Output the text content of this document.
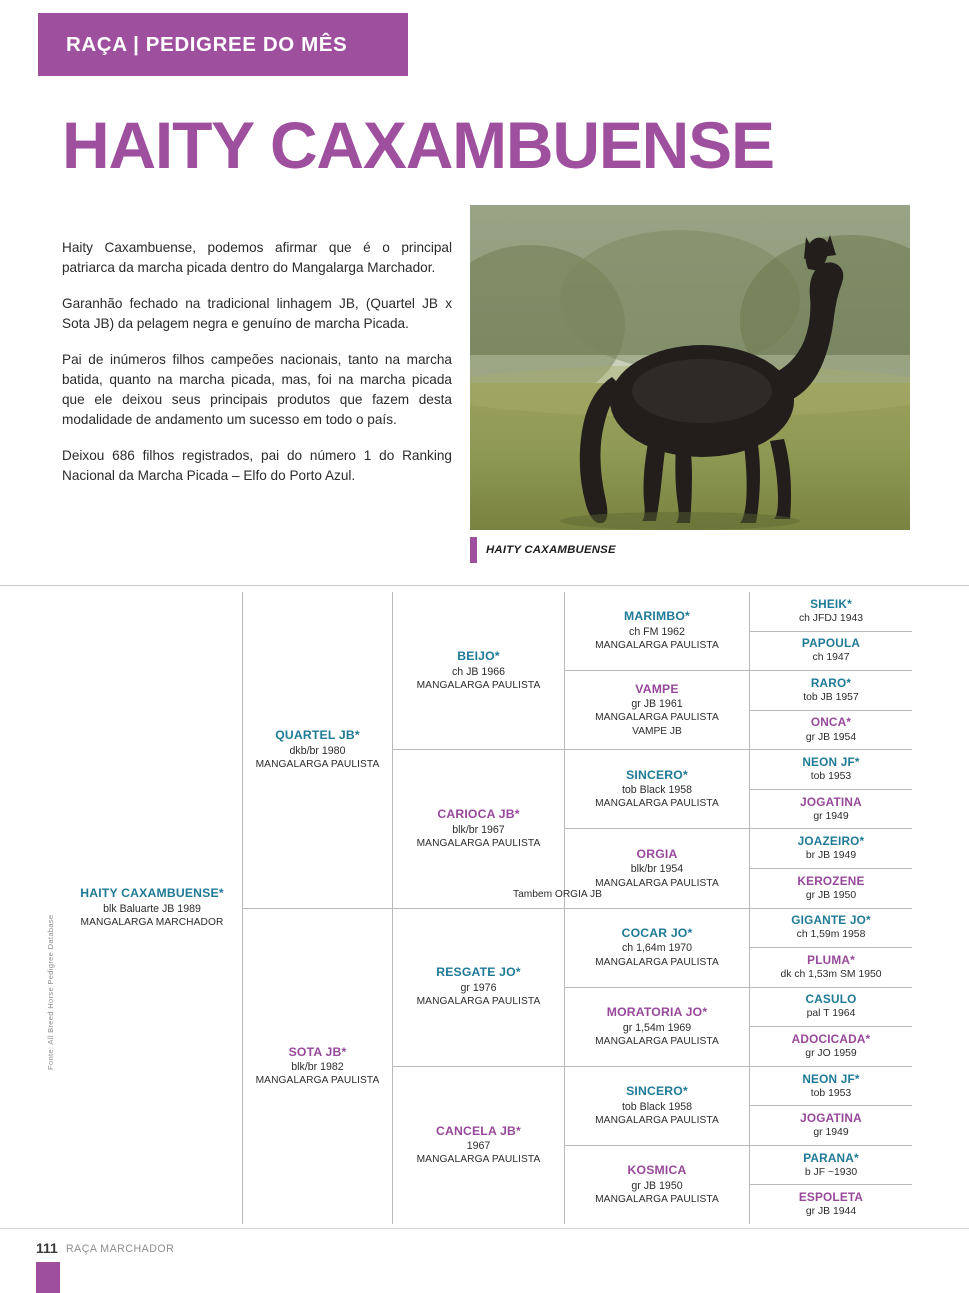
RAÇA | PEDIGREE DO MÊS
HAITY CAXAMBUENSE

Haity Caxambuense, podemos afirmar que é o principal patriarca da marcha picada dentro do Mangalarga Marchador.

Garanhão fechado na tradicional linhagem JB, (Quartel JB x Sota JB) da pelagem negra e genuíno de marcha Picada.

Pai de inúmeros filhos campeões nacionais, tanto na marcha batida, quanto na marcha picada, mas, foi na marcha picada que ele deixou seus principais produtos que fazem desta modalidade de andamento um sucesso em todo o país.

Deixou 686 filhos registrados, pai do número 1 do Ranking Nacional da Marcha Picada – Elfo do Porto Azul.

HAITY CAXAMBUENSE
HAITY CAXAMBUENSE*
blk Baluarte JB 1989
MANGALARGA MARCHADOR
QUARTEL JB*
dkb/br 1980
MANGALARGA PAULISTA
SOTA JB*
blk/br 1982
MANGALARGA PAULISTA
BEIJO*
ch JB 1966
MANGALARGA PAULISTA
CARIOCA JB*
blk/br 1967
MANGALARGA PAULISTA
RESGATE JO*
gr 1976
MANGALARGA PAULISTA
CANCELA JB*
1967
MANGALARGA PAULISTA
MARIMBO*
ch FM 1962
MANGALARGA PAULISTA
VAMPE
gr JB 1961
MANGALARGA PAULISTA
VAMPE JB
SINCERO*
tob Black 1958
MANGALARGA PAULISTA
ORGIA
blk/br 1954
MANGALARGA PAULISTA
Tambem ORGIA JB
COCAR JO*
ch 1,64m 1970
MANGALARGA PAULISTA
MORATORIA JO*
gr 1,54m 1969
MANGALARGA PAULISTA
SINCERO*
tob Black 1958
MANGALARGA PAULISTA
KOSMICA
gr JB 1950
MANGALARGA PAULISTA
SHEIK*
ch JFDJ 1943
PAPOULA
ch 1947
RARO*
tob JB 1957
ONCA*
gr JB 1954
NEON JF*
tob 1953
JOGATINA
gr 1949
JOAZEIRO*
br JB 1949
KEROZENE
gr JB 1950
GIGANTE JO*
ch 1,59m 1958
PLUMA*
dk ch 1,53m SM 1950
CASULO
pal T 1964
ADOCICADA*
gr JO 1959
NEON JF*
tob 1953
JOGATINA
gr 1949
PARANA*
b JF ~1930
ESPOLETA
gr JB 1944
Fonte: All Breed Horse Pedigree Database
111 RAÇA MARCHADOR
